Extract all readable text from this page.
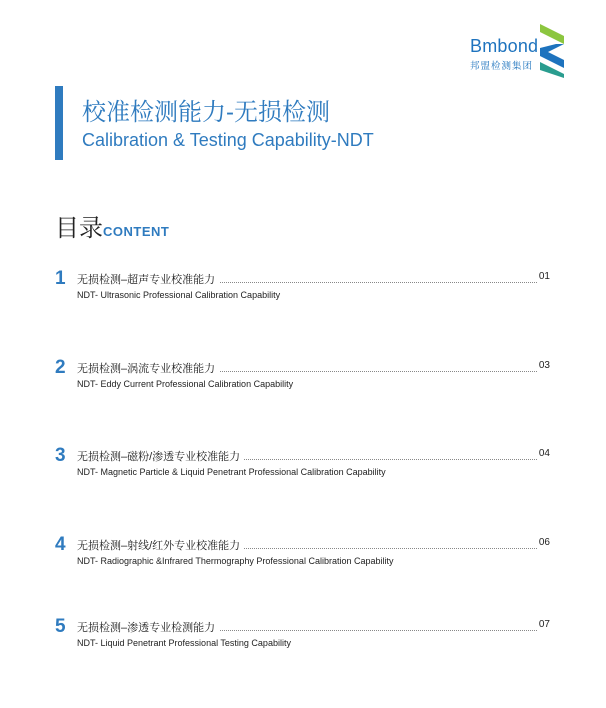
Bmbond
邦盟检测集团
校准检测能力-无损检测
Calibration & Testing Capability-NDT
目录CONTENT
1 无损检测–超声专业校准能力	01
NDT- Ultrasonic Professional Calibration Capability
2 无损检测–涡流专业校准能力	03
NDT- Eddy Current Professional Calibration Capability
3 无损检测–磁粉/渗透专业校准能力	04
NDT- Magnetic Particle & Liquid Penetrant Professional Calibration Capability
4 无损检测–射线/红外专业校准能力	06
NDT- Radiographic &Infrared Thermography Professional Calibration Capability
5 无损检测–渗透专业检测能力	07
NDT- Liquid Penetrant Professional Testing Capability
